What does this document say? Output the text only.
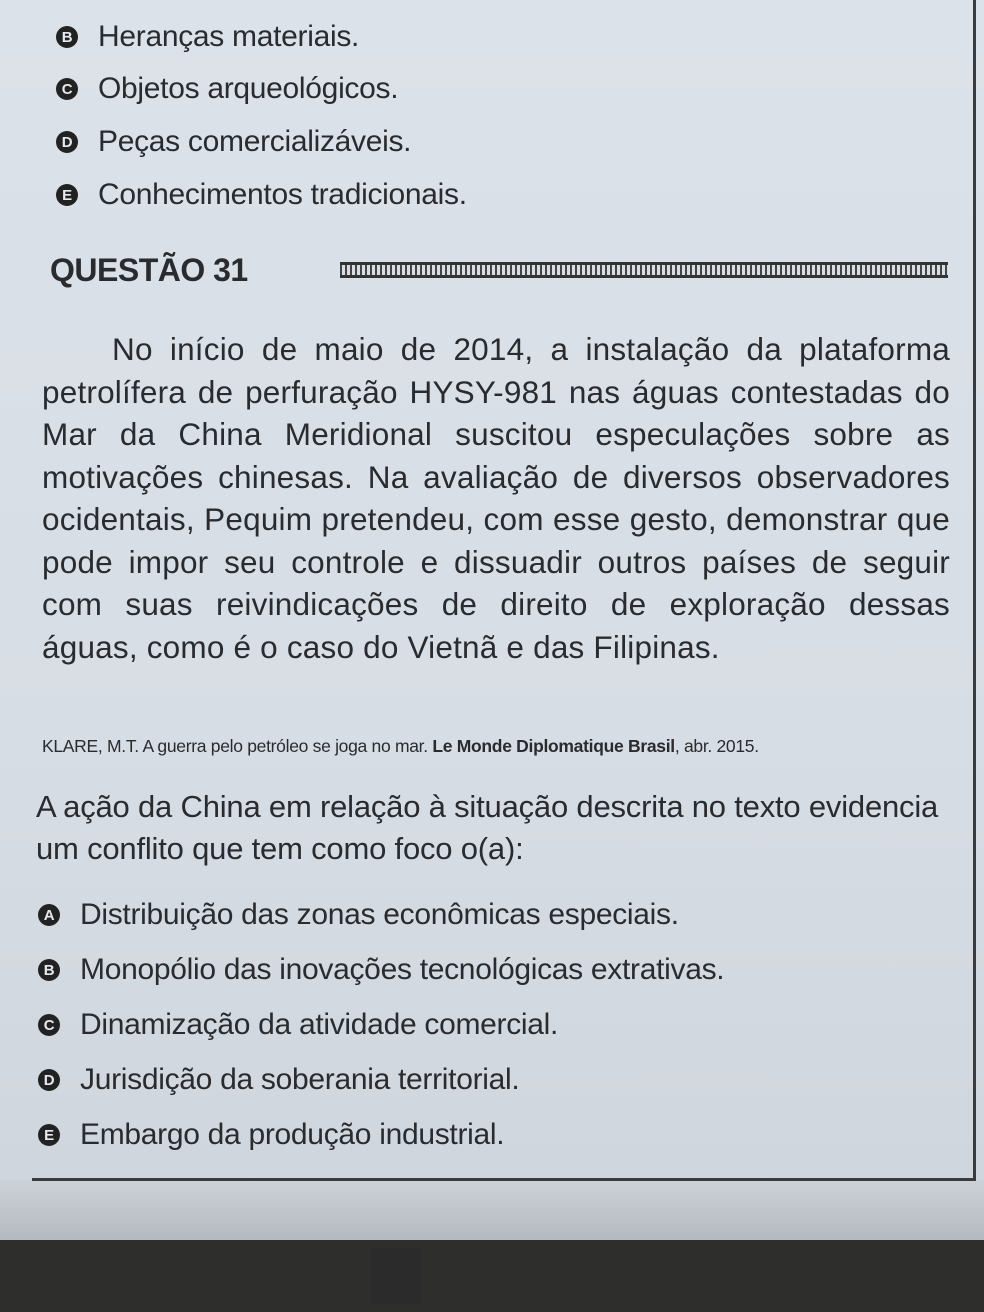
B Heranças materiais.
C Objetos arqueológicos.
D Peças comercializáveis.
E Conhecimentos tradicionais.
QUESTÃO 31
No início de maio de 2014, a instalação da plataforma petrolífera de perfuração HYSY-981 nas águas contestadas do Mar da China Meridional suscitou especulações sobre as motivações chinesas. Na avaliação de diversos observadores ocidentais, Pequim pretendeu, com esse gesto, demonstrar que pode impor seu controle e dissuadir outros países de seguir com suas reivindicações de direito de exploração dessas águas, como é o caso do Vietnã e das Filipinas.
KLARE, M.T. A guerra pelo petróleo se joga no mar. Le Monde Diplomatique Brasil, abr. 2015.
A ação da China em relação à situação descrita no texto evidencia um conflito que tem como foco o(a):
A Distribuição das zonas econômicas especiais.
B Monopólio das inovações tecnológicas extrativas.
C Dinamização da atividade comercial.
D Jurisdição da soberania territorial.
E Embargo da produção industrial.
